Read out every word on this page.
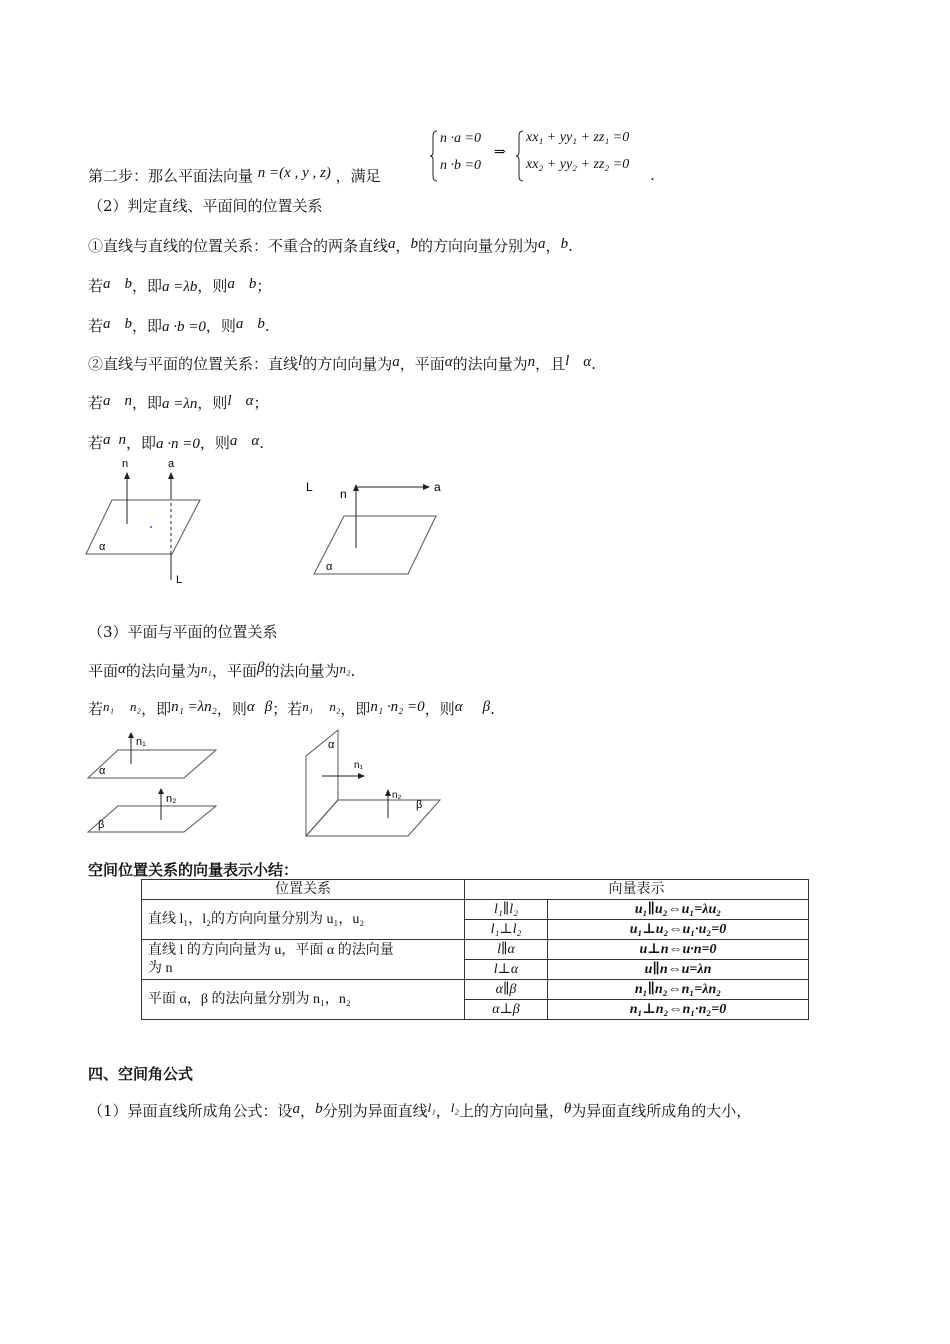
第二步：那么平面法向量 n =(x , y , z) ，满足
n ·a =0
n ·b =0
⇒
xx₁ + yy₁ + zz₁ =0
xx₂ + yy₂ + zz₂ =0
.
（2）判定直线、平面间的位置关系
①直线与直线的位置关系：不重合的两条直线a，b的方向向量分别为a，b.
若a b，即a =λb，则a b；
若a b，即a ·b =0，则a b.
②直线与平面的位置关系：直线l的方向向量为a，平面α的法向量为n，且l α.
若a n，即a =λn，则l α；
若a n，即a ·n =0，则a α.
n	a
α
L
L n	a
α
（3）平面与平面的位置关系
平面α的法向量为n₁，平面β的法向量为n₂.
若n₁ n₂，即n₁ =λn₂，则α β；若n₁ n₂，即n₁ ·n₂ =0，则α β.
n₁
n₂
α
β
α
n₁
n₂
β
空间位置关系的向量表示小结：
位置关系	向量表示	
直线 l₁，l₂的方向向量分别为 u₁，u₂	l₁∥l₂	u₁∥u₂⇔u₁=λu₂
	l₁⊥l₂	u₁⊥u₂⇔u₁·u₂=0

直线 l 的方向向量为 u，平面 α 的法向量
为 n	l∥α	u⊥n⇔u·n=0
	l⊥α	u∥n⇔u=λn
平面 α，β 的法向量分别为 n₁，n₂	α∥β	n₁∥n₂⇔n₁=λn₂
	α⊥β	n₁⊥n₂⇔n₁·n₂=0
四、空间角公式
（1）异面直线所成角公式：设a，b分别为异面直线l₁，l₂上的方向向量，θ为异面直线所成角的大小，
